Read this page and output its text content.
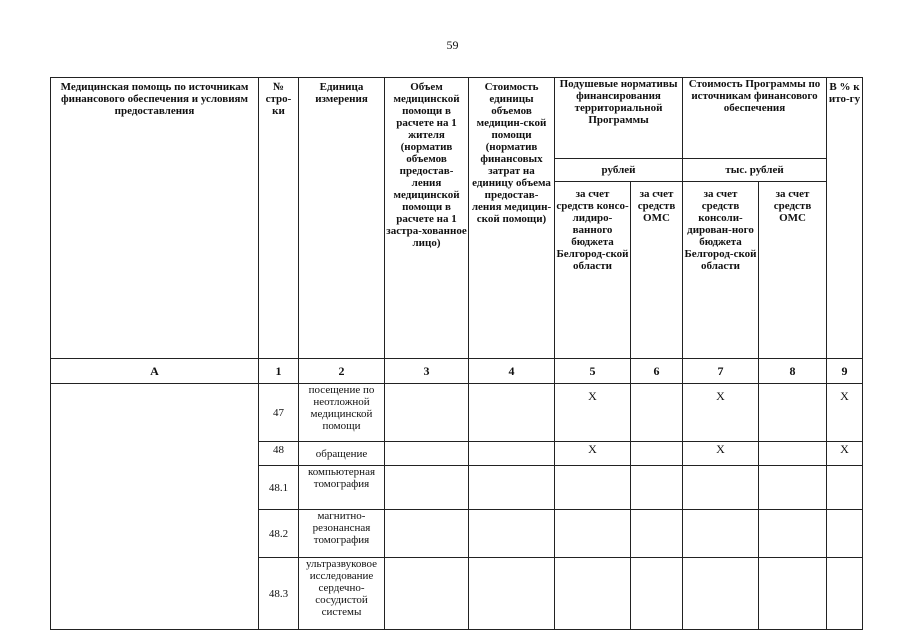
59
Медицинская помощь по источникам финансового обеспечения и условиям предоставления	№ стро-ки	Единица измерения	Объем медицинской помощи в расчете на 1 жителя (норматив объемов предостав-ления медицинской помощи в расчете на 1 застра-хованное лицо)	Стоимость единицы объемов медицин-ской помощи (норматив финансовых затрат на единицу объема предостав-ления медицин-ской помощи)	Подушевые нормативы финансирования территориальной Программы		Стоимость Программы по источникам финансового обеспечения		В % к ито-гу
					рублей		тыс. рублей		
					за счет средств консо-лидиро-ванного бюджета Белгород-ской области	за счет средств ОМС	за счет средств консоли-дирован-ного бюджета Белгород-ской области	за счет средств ОМС	
А	1	2	3	4	5	6	7	8	9
	47	посещение по неотложной медицинской помощи			Х		Х		Х
	48	обращение			Х		Х		Х
	48.1	компьютерная томография							
	48.2	магнитно-резонансная томография							
	48.3	ультразвуковое исследование сердечно-сосудистой системы							
